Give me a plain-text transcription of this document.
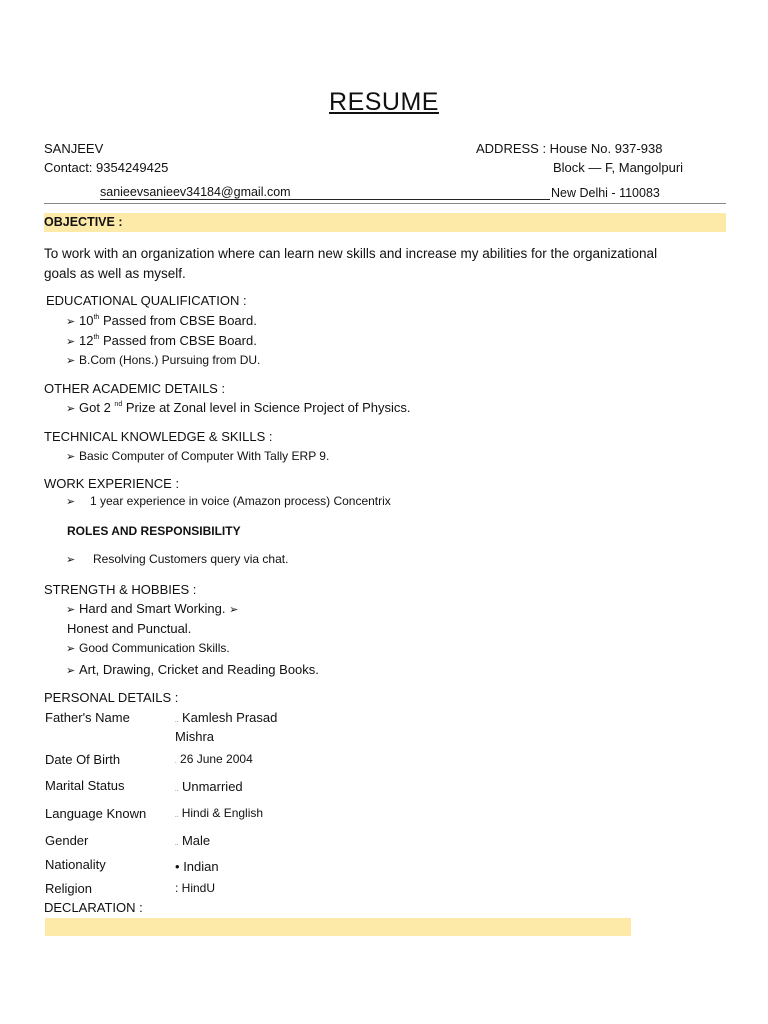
RESUME
SANJEEV
Contact: 9354249425
ADDRESS : House No. 937-938
Block — F, Mangolpuri
sanieevsanieev34184@gmail.com	New Delhi - 110083
OBJECTIVE :
To work with an organization where can learn new skills and increase my abilities for the organizational
goals as well as myself.
EDUCATIONAL QUALIFICATION :
➢ 10th Passed from CBSE Board.
➢ 12th Passed from CBSE Board.
➢ B.Com (Hons.) Pursuing from DU.
OTHER ACADEMIC DETAILS :
➢ Got 2 $^{nd}$ Prize at Zonal level in Science Project of Physics.
TECHNICAL KNOWLEDGE & SKILLS :
➢ Basic Computer of Computer With Tally ERP 9.
WORK EXPERIENCE :
➢ 1 year experience in voice (Amazon process) Concentrix
ROLES AND RESPONSIBILITY
➢ Resolving Customers query via chat.
STRENGTH & HOBBIES :
➢ Hard and Smart Working. ➢
Honest and Punctual.
➢ Good Communication Skills.
➢ Art, Drawing, Cricket and Reading Books.
PERSONAL DETAILS :
Father's Name	.. Kamlesh Prasad
Mishra
Date Of Birth	. 26 June 2004
Marital Status	.. Unmarried
Language Known	.. Hindi & English
Gender	.. Male
Nationality	• Indian
Religion	: HindU
DECLARATION :
